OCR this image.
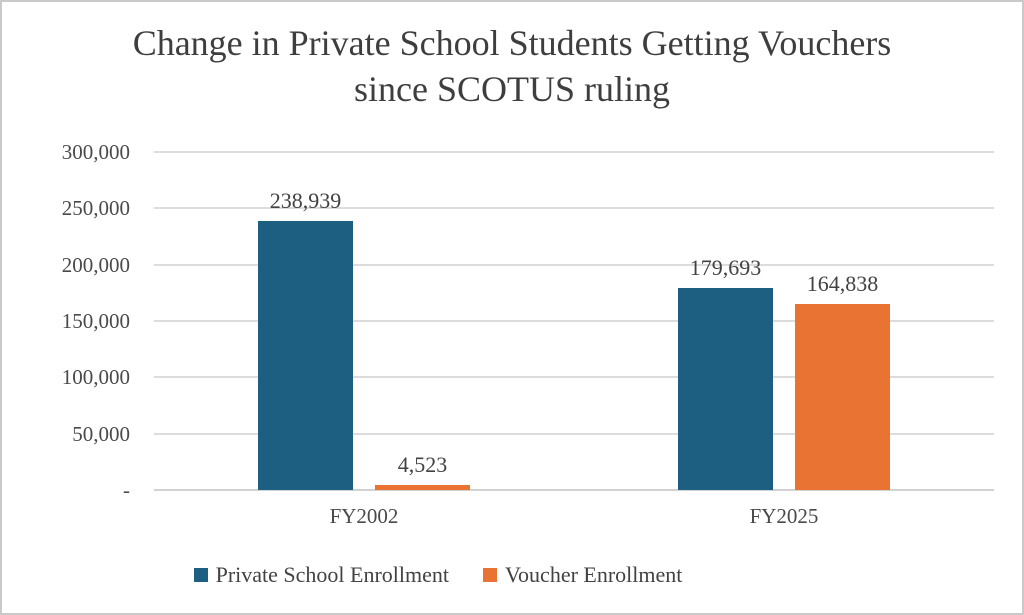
Change in Private School Students Getting Vouchers since SCOTUS ruling
-
50,000
100,000
150,000
200,000
250,000
300,000
238,939
179,693
4,523
164,838
FY2002	FY2025
Private School Enrollment	Voucher Enrollment
